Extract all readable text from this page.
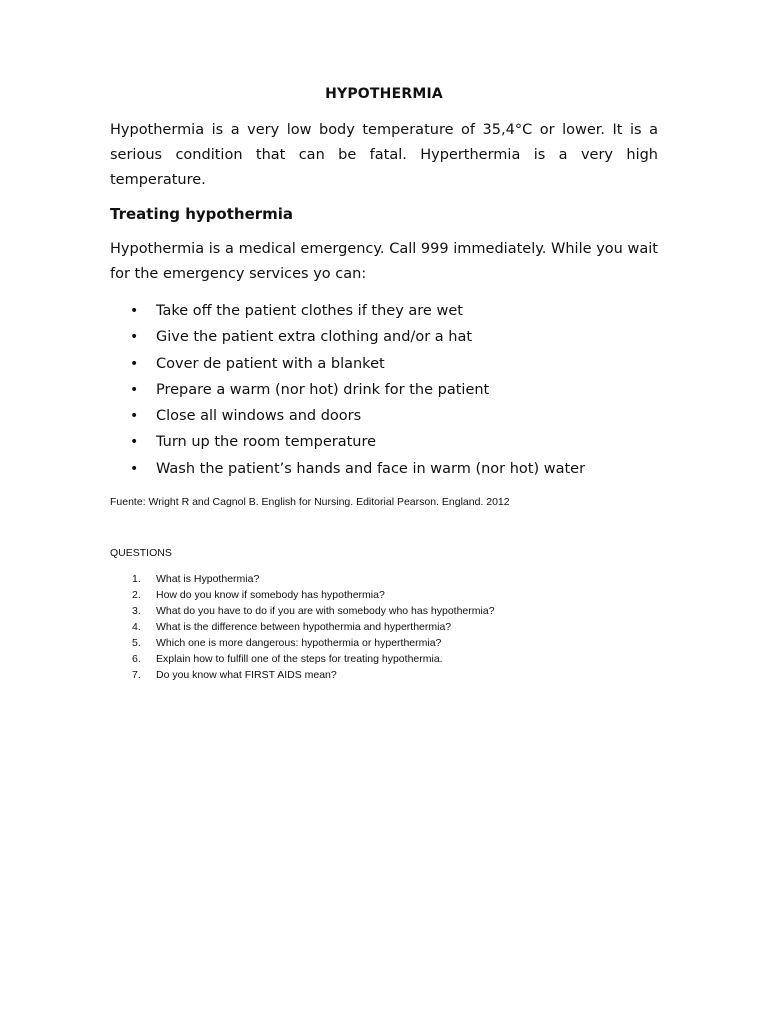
HYPOTHERMIA

Hypothermia is a very low body temperature of 35,4°C or lower. It is a serious condition that can be fatal. Hyperthermia is a very high temperature.

Treating hypothermia

Hypothermia is a medical emergency. Call 999 immediately. While you wait for the emergency services yo can:

• Take off the patient clothes if they are wet
• Give the patient extra clothing and/or a hat
• Cover de patient with a blanket
• Prepare a warm (nor hot) drink for the patient
• Close all windows and doors
• Turn up the room temperature
• Wash the patient’s hands and face in warm (nor hot) water

Fuente: Wright R and Cagnol B. English for Nursing. Editorial Pearson. England. 2012

QUESTIONS

1. What is Hypothermia?
2. How do you know if somebody has hypothermia?
3. What do you have to do if you are with somebody who has hypothermia?
4. What is the difference between hypothermia and hyperthermia?
5. Which one is more dangerous: hypothermia or hyperthermia?
6. Explain how to fulfill one of the steps for treating hypothermia.
7. Do you know what FIRST AIDS mean?
